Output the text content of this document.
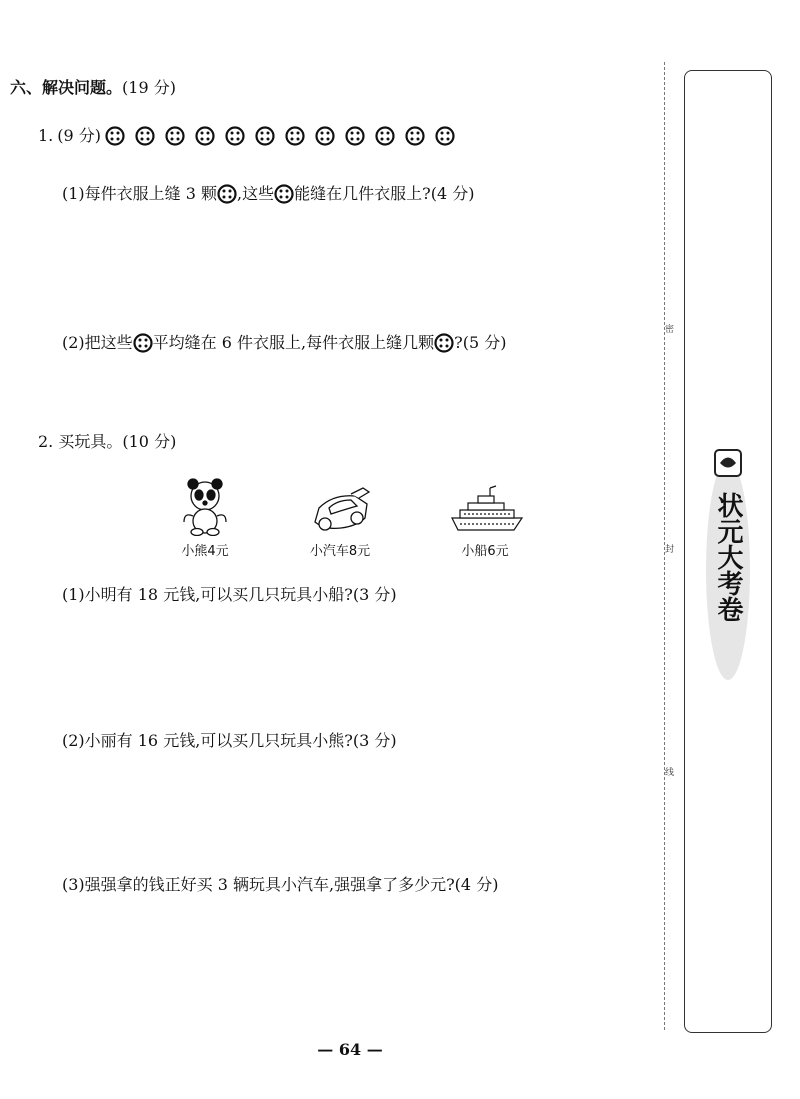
六、解决问题。(19 分)
1. (9 分)
(1)每件衣服上缝 3 颗 ,这些 能缝在几件衣服上?(4 分)
(2)把这些 平均缝在 6 件衣服上,每件衣服上缝几颗 ?(5 分)
2. 买玩具。(10 分)
小熊4元	小汽车8元	小船6元
(1)小明有 18 元钱,可以买几只玩具小船?(3 分)
(2)小丽有 16 元钱,可以买几只玩具小熊?(3 分)
(3)强强拿的钱正好买 3 辆玩具小汽车,强强拿了多少元?(4 分)
密
封
线
状元大考卷
— 64 —
